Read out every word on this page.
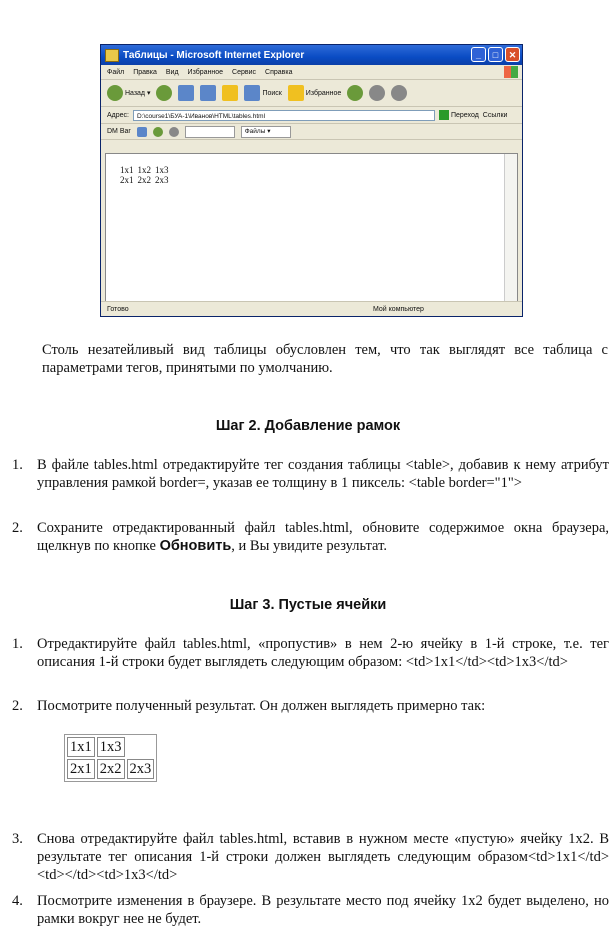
Таблицы - Microsoft Internet Explorer	_	□	✕
Файл Правка Вид Избранное Сервис Справка
Назад ▾	Поиск	Избранное
Адрес:	D:\course1\БУА-1\Иванов\HTML\tables.html	Переход Ссылки
DM Bar	Файлы ▾
1x1	1x2	1x3
2x1	2x2	2x3
Готово	Мой компьютер
Столь незатейливый вид таблицы обусловлен тем, что так выглядят все таблица с параметрами тегов, принятыми по умолчанию.
Шаг 2. Добавление рамок
1. В файле tables.html отредактируйте тег создания таблицы <table>, добавив к нему атрибут управления рамкой border=, указав ее толщину в 1 пиксель: <table border="1">
2. Сохраните отредактированный файл tables.html, обновите содержимое окна браузера, щелкнув по кнопке Обновить, и Вы увидите результат.
Шаг 3. Пустые ячейки
1. Отредактируйте файл tables.html, «пропустив» в нем 2-ю ячейку в 1-й строке, т.е. тег описания 1-й строки будет выглядеть следующим образом: <td>1x1</td><td>1x3</td>
2. Посмотрите полученный результат. Он должен выглядеть примерно так:
1x1	1x3	
2x1	2x2	2x3
3. Снова отредактируйте файл tables.html, вставив в нужном месте «пустую» ячейку 1x2. В результате тег описания 1-й строки должен выглядеть следующим образом<td>1x1</td><td></td><td>1x3</td>
4. Посмотрите изменения в браузере. В результате место под ячейку 1x2 будет выделено, но рамки вокруг нее не будет.
